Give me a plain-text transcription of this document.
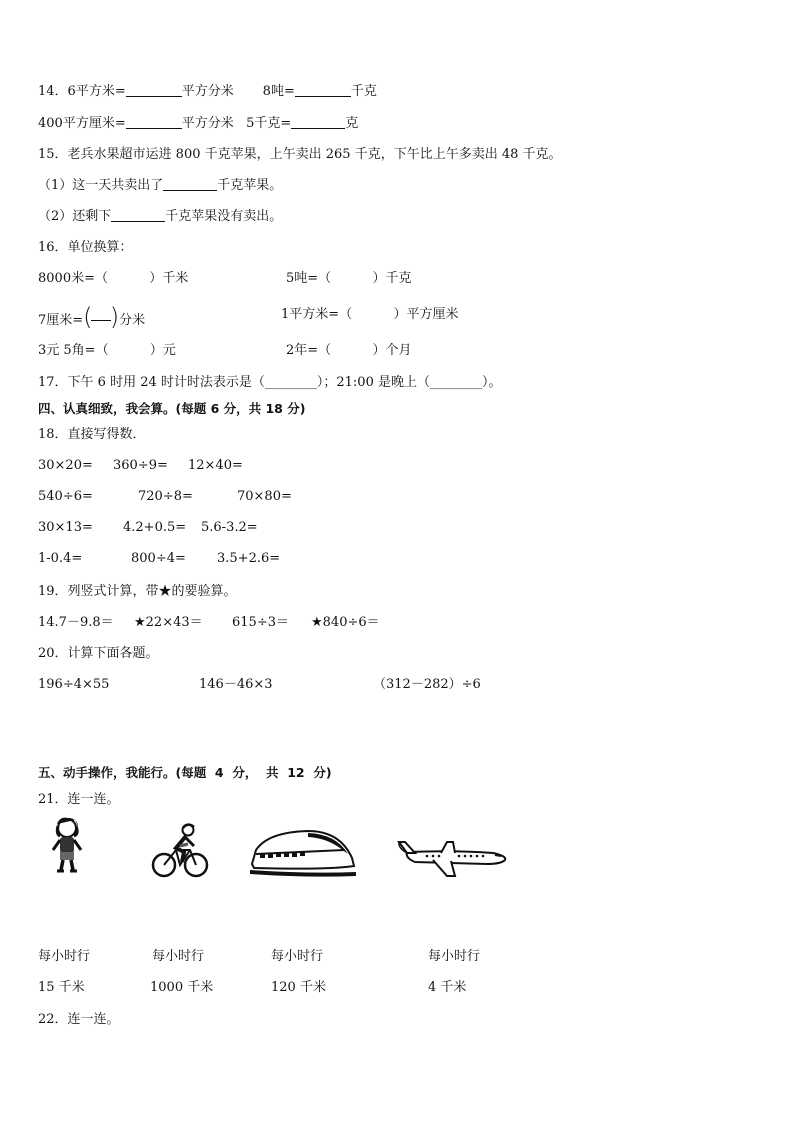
14．6平方米=	平方分米 8吨=	千克
400平方厘米=	平方分米 5千克=	克
15．老兵水果超市运进 800 千克苹果，上午卖出 265 千克，下午比上午多卖出 48 千克。
（1）这一天共卖出了	千克苹果。
（2）还剩下	千克苹果没有卖出。
16．单位换算：
8000米=（          ）千米	5吨=（          ）千克
7厘米= ( ) 分米	1平方米=（          ）平方厘米
3元 5角=（          ）元	2年=（          ）个月
17．下午 6 时用 24 时计时法表示是（________）；21:00 是晚上（________）。
四、认真细致，我会算。(每题 6 分，共 18 分)
18．直接写得数．
30×20= 360÷9= 12×40=
540÷6=	720÷8=	70×80=
30×13= 4.2+0.5= 5.6-3.2=
1-0.4=	800÷4= 3.5+2.6=
19．列竖式计算，带★的要验算。
14.7－9.8＝ ★22×43＝ 615÷3＝ ★840÷6＝
20．计算下面各题。
196÷4×55	146－46×3	（312－282）÷6
五、动手操作，我能行。(每题  4  分，  共  12  分)
21．连一连。
每小时行	每小时行	每小时行	每小时行
15 千米	1000 千米	120 千米	4 千米
22．连一连。
